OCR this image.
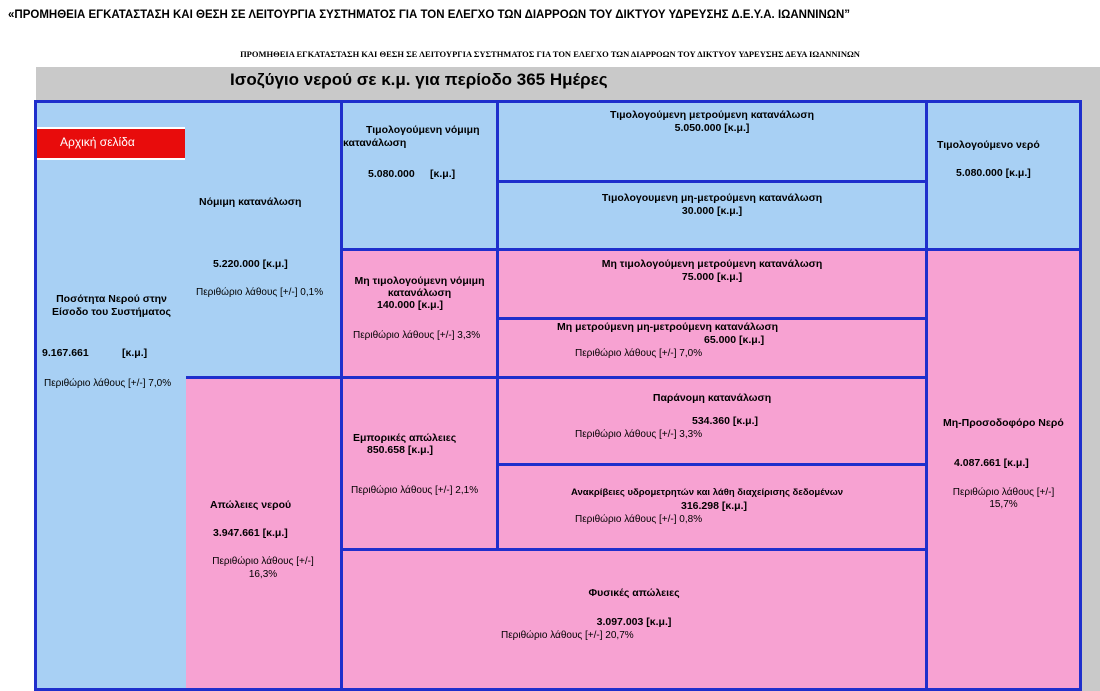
«ΠΡΟΜΗΘΕΙΑ ΕΓΚΑΤΑΣΤΑΣΗ ΚΑΙ ΘΕΣΗ ΣΕ ΛΕΙΤΟΥΡΓΙΑ ΣΥΣΤΗΜΑΤΟΣ ΓΙΑ ΤΟΝ ΕΛΕΓΧΟ ΤΩΝ ΔΙΑΡΡΟΩΝ ΤΟΥ ΔΙΚΤΥΟΥ ΥΔΡΕΥΣΗΣ Δ.Ε.Υ.Α. ΙΩΑΝΝΙΝΩΝ”
ΠΡΟΜΗΘΕΙΑ ΕΓΚΑΤΑΣΤΑΣΗ ΚΑΙ ΘΕΣΗ ΣΕ ΛΕΙΤΟΥΡΓΙΑ ΣΥΣΤΗΜΑΤΟΣ ΓΙΑ ΤΟΝ ΕΛΕΓΧΟ ΤΩΝ ΔΙΑΡΡΟΩΝ ΤΟΥ ΔΙΚΤΥΟΥ ΥΔΡΕΥΣΗΣ ΔΕΥΑ ΙΩΑΝΝΙΝΩΝ
Ισοζύγιο νερού σε κ.μ. για περίοδο 365 Ημέρες
Ποσότητα Νερού στην
Είσοδο του Συστήματος
9.167.661	[κ.μ.]
Περιθώριο λάθους [+/-] 7,0%
Αρχική σελίδα
Νόμιμη κατανάλωση
5.220.000 [κ.μ.]
Περιθώριο λάθους [+/-] 0,1%
Απώλειες νερού
3.947.661 [κ.μ.]
Περιθώριο λάθους [+/-]
16,3%
Τιμολογούμενη νόμιμη
κατανάλωση
5.080.000 [κ.μ.]
Μη τιμολογούμενη νόμιμη
κατανάλωση
140.000 [κ.μ.]
Περιθώριο λάθους [+/-] 3,3%
Εμπορικές απώλειες
850.658 [κ.μ.]
Περιθώριο λάθους [+/-] 2,1%
Τιμολογούμενη μετρούμενη κατανάλωση
5.050.000 [κ.μ.]
Τιμολογουμενη μη-μετρούμενη κατανάλωση
30.000 [κ.μ.]
Μη τιμολογούμενη μετρούμενη κατανάλωση
75.000 [κ.μ.]
Μη μετρούμενη μη-μετρούμενη κατανάλωση
65.000 [κ.μ.]
Περιθώριο λάθους [+/-] 7,0%
Παράνομη κατανάλωση
534.360 [κ.μ.]
Περιθώριο λάθους [+/-] 3,3%
Ανακρίβειες υδρομετρητών και λάθη διαχείρισης δεδομένων
316.298 [κ.μ.]
Περιθώριο λάθους [+/-] 0,8%
Φυσικές απώλειες
3.097.003 [κ.μ.]
Περιθώριο λάθους [+/-] 20,7%
Τιμολογούμενο νερό
5.080.000 [κ.μ.]
Μη-Προσοδοφόρο Νερό
4.087.661 [κ.μ.]
Περιθώριο λάθους [+/-]
15,7%
